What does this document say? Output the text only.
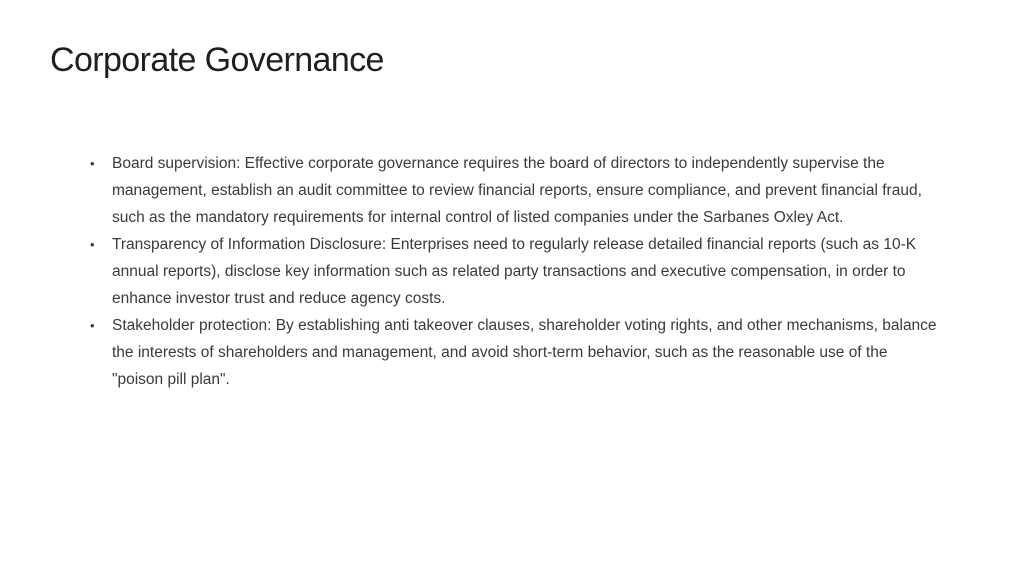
Corporate Governance
• Board supervision: Effective corporate governance requires the board of directors to independently supervise the management, establish an audit committee to review financial reports, ensure compliance, and prevent financial fraud, such as the mandatory requirements for internal control of listed companies under the Sarbanes Oxley Act.
• Transparency of Information Disclosure: Enterprises need to regularly release detailed financial reports (such as 10-K annual reports), disclose key information such as related party transactions and executive compensation, in order to enhance investor trust and reduce agency costs.
• Stakeholder protection: By establishing anti takeover clauses, shareholder voting rights, and other mechanisms, balance the interests of shareholders and management, and avoid short-term behavior, such as the reasonable use of the "poison pill plan".
